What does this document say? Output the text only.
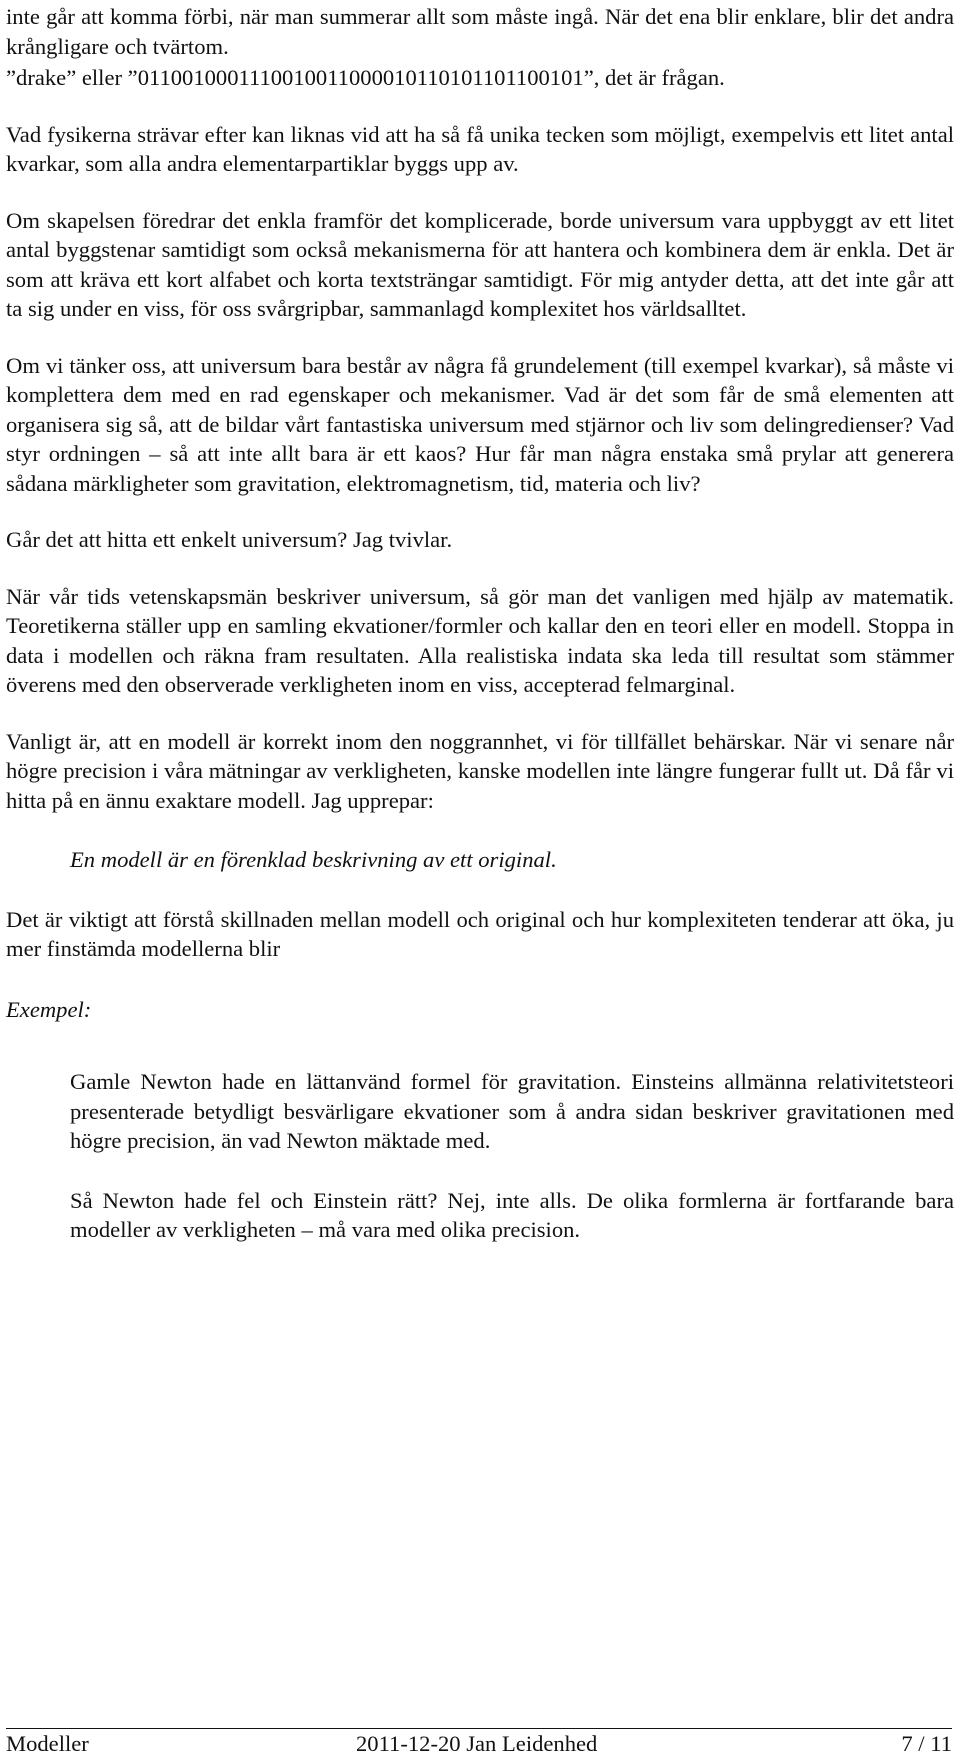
inte går att komma förbi, när man summerar allt som måste ingå. När det ena blir enklare, blir det andra krångligare och tvärtom.

”drake” eller ”0110010001110010011000010110101101100101”, det är frågan.

Vad fysikerna strävar efter kan liknas vid att ha så få unika tecken som möjligt, exempelvis ett litet antal kvarkar, som alla andra elementarpartiklar byggs upp av.

Om skapelsen föredrar det enkla framför det komplicerade, borde universum vara uppbyggt av ett litet antal byggstenar samtidigt som också mekanismerna för att hantera och kombinera dem är enkla. Det är som att kräva ett kort alfabet och korta textsträngar samtidigt. För mig antyder detta, att det inte går att ta sig under en viss, för oss svårgripbar, sammanlagd komplexitet hos världsalltet.

Om vi tänker oss, att universum bara består av några få grundelement (till exempel kvarkar), så måste vi komplettera dem med en rad egenskaper och mekanismer. Vad är det som får de små elementen att organisera sig så, att de bildar vårt fantastiska universum med stjärnor och liv som delingredienser? Vad styr ordningen – så att inte allt bara är ett kaos? Hur får man några enstaka små prylar att generera sådana märkligheter som gravitation, elektromagnetism, tid, materia och liv?

Går det att hitta ett enkelt universum? Jag tvivlar.

När vår tids vetenskapsmän beskriver universum, så gör man det vanligen med hjälp av matematik. Teoretikerna ställer upp en samling ekvationer/formler och kallar den en teori eller en modell. Stoppa in data i modellen och räkna fram resultaten. Alla realistiska indata ska leda till resultat som stämmer överens med den observerade verkligheten inom en viss, accepterad felmarginal.

Vanligt är, att en modell är korrekt inom den noggrannhet, vi för tillfället behärskar. När vi senare når högre precision i våra mätningar av verkligheten, kanske modellen inte längre fungerar fullt ut. Då får vi hitta på en ännu exaktare modell. Jag upprepar:

En modell är en förenklad beskrivning av ett original.

Det är viktigt att förstå skillnaden mellan modell och original och hur komplexiteten tenderar att öka, ju mer finstämda modellerna blir

Exempel:

Gamle Newton hade en lättanvänd formel för gravitation. Einsteins allmänna relativitetsteori presenterade betydligt besvärligare ekvationer som å andra sidan beskriver gravitationen med högre precision, än vad Newton mäktade med.

Så Newton hade fel och Einstein rätt? Nej, inte alls. De olika formlerna är fortfarande bara modeller av verkligheten – må vara med olika precision.

Modeller	2011-12-20 Jan Leidenhed	7 / 11
